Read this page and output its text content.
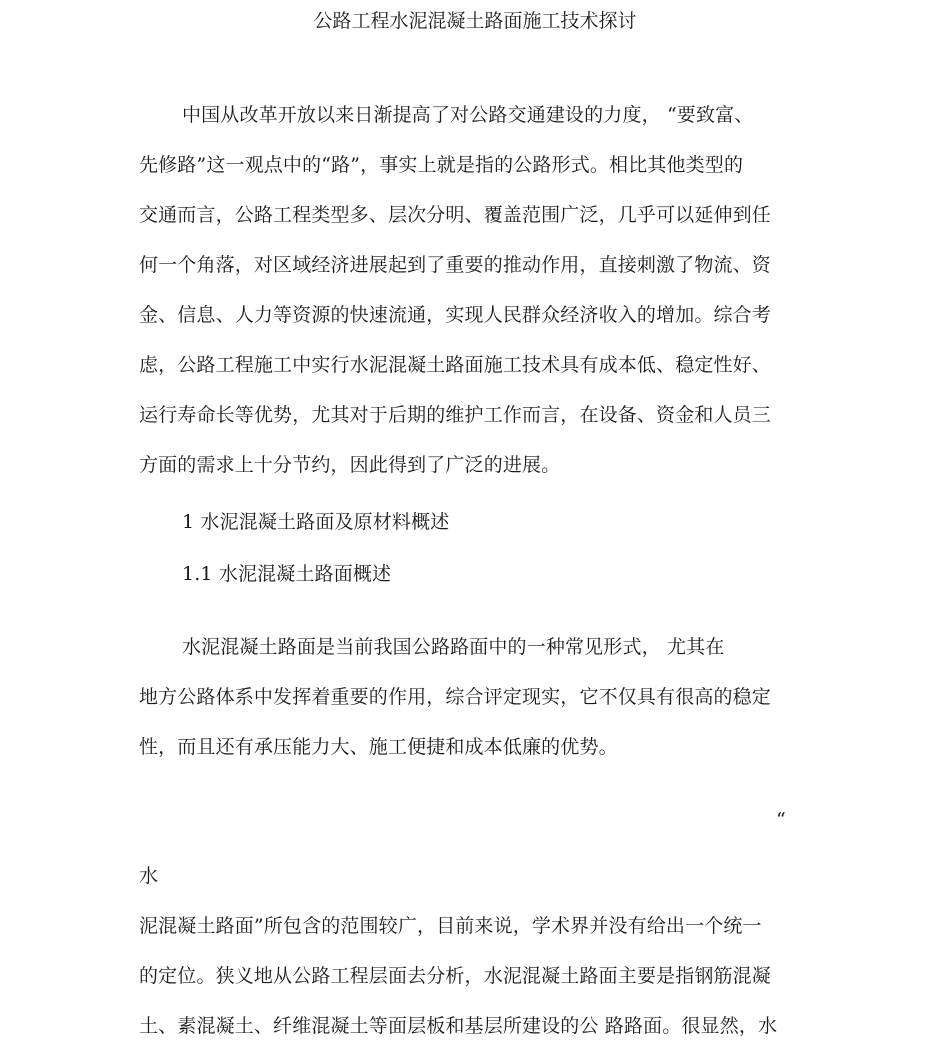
公路工程水泥混凝土路面施工技术探讨
中国从改革开放以来日渐提高了对公路交通建设的力度， “要致富、
先修路”这一观点中的“路”，事实上就是指的公路形式。相比其他类型的
交通而言，公路工程类型多、层次分明、覆盖范围广泛，几乎可以延伸到任
何一个角落，对区域经济进展起到了重要的推动作用，直接刺激了物流、资
金、信息、人力等资源的快速流通，实现人民群众经济收入的增加。综合考
虑，公路工程施工中实行水泥混凝土路面施工技术具有成本低、稳定性好、
运行寿命长等优势，尤其对于后期的维护工作而言，在设备、资金和人员三
方面的需求上十分节约，因此得到了广泛的进展。
1 水泥混凝土路面及原材料概述
1.1 水泥混凝土路面概述
水泥混凝土路面是当前我国公路路面中的一种常见形式， 尤其在
地方公路体系中发挥着重要的作用，综合评定现实，它不仅具有很高的稳定
性，而且还有承压能力大、施工便捷和成本低廉的优势。
“
水
泥混凝土路面”所包含的范围较广，目前来说，学术界并没有给出一个统一
的定位。狭义地从公路工程层面去分析，水泥混凝土路面主要是指钢筋混凝
土、素混凝土、纤维混凝土等面层板和基层所建设的公 路路面。很显然，水
